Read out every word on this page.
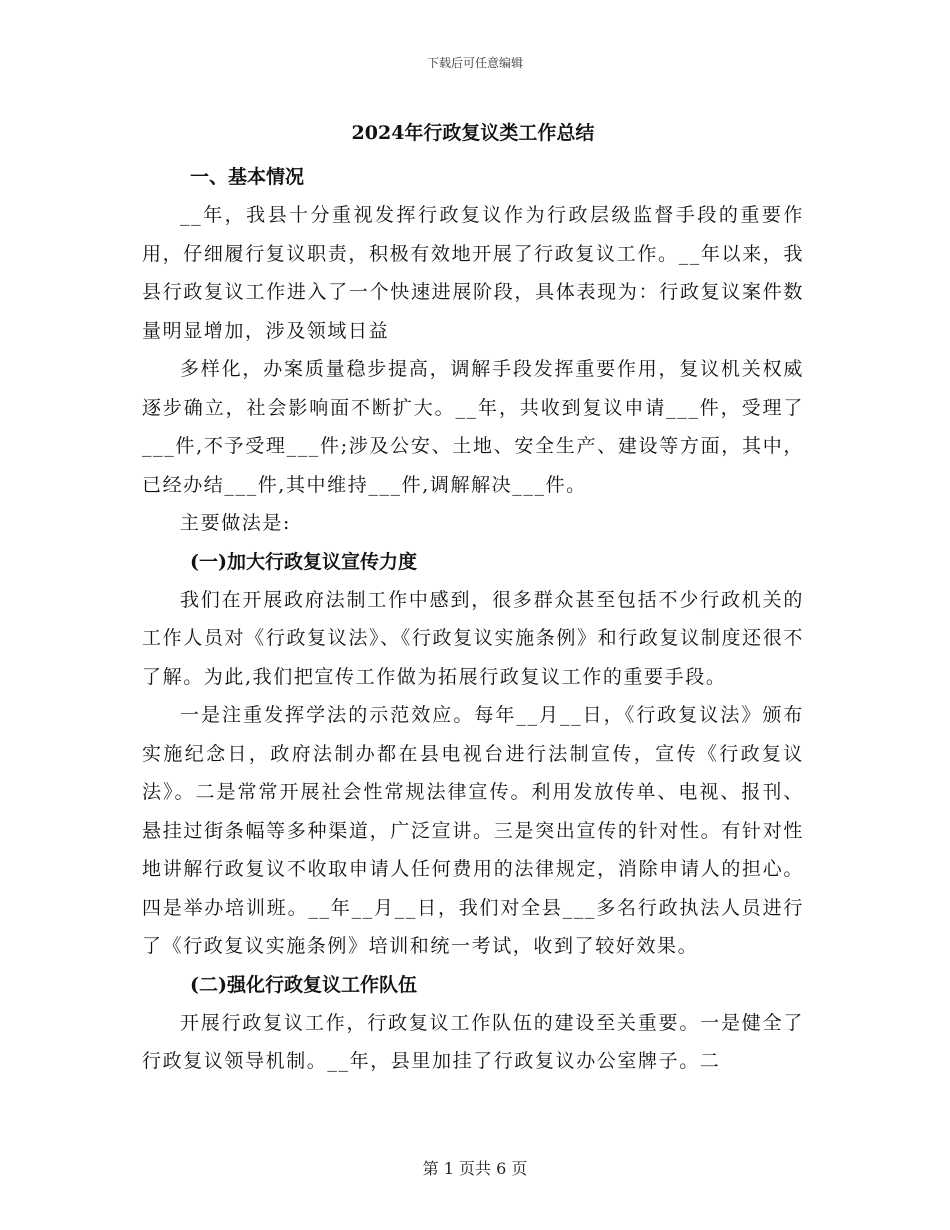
下载后可任意编辑
2024年行政复议类工作总结
一、基本情况

__年，我县十分重视发挥行政复议作为行政层级监督手段的重要作用，仔细履行复议职责，积极有效地开展了行政复议工作。__年以来，我县行政复议工作进入了一个快速进展阶段，具体表现为：行政复议案件数量明显增加，涉及领域日益

多样化，办案质量稳步提高，调解手段发挥重要作用，复议机关权威逐步确立，社会影响面不断扩大。__年，共收到复议申请___件，受理了___件,不予受理___件;涉及公安、土地、安全生产、建设等方面，其中，已经办结___件,其中维持___件,调解解决___件。

主要做法是:

(一)加大行政复议宣传力度

我们在开展政府法制工作中感到，很多群众甚至包括不少行政机关的工作人员对《行政复议法》、《行政复议实施条例》和行政复议制度还很不了解。为此,我们把宣传工作做为拓展行政复议工作的重要手段。

一是注重发挥学法的示范效应。每年__月__日，《行政复议法》颁布实施纪念日，政府法制办都在县电视台进行法制宣传，宣传《行政复议法》。二是常常开展社会性常规法律宣传。利用发放传单、电视、报刊、悬挂过街条幅等多种渠道，广泛宣讲。三是突出宣传的针对性。有针对性地讲解行政复议不收取申请人任何费用的法律规定，消除申请人的担心。四是举办培训班。__年__月__日，我们对全县___多名行政执法人员进行了《行政复议实施条例》培训和统一考试，收到了较好效果。

(二)强化行政复议工作队伍

开展行政复议工作，行政复议工作队伍的建设至关重要。一是健全了行政复议领导机制。__年，县里加挂了行政复议办公室牌子。二

第 1 页共 6 页
